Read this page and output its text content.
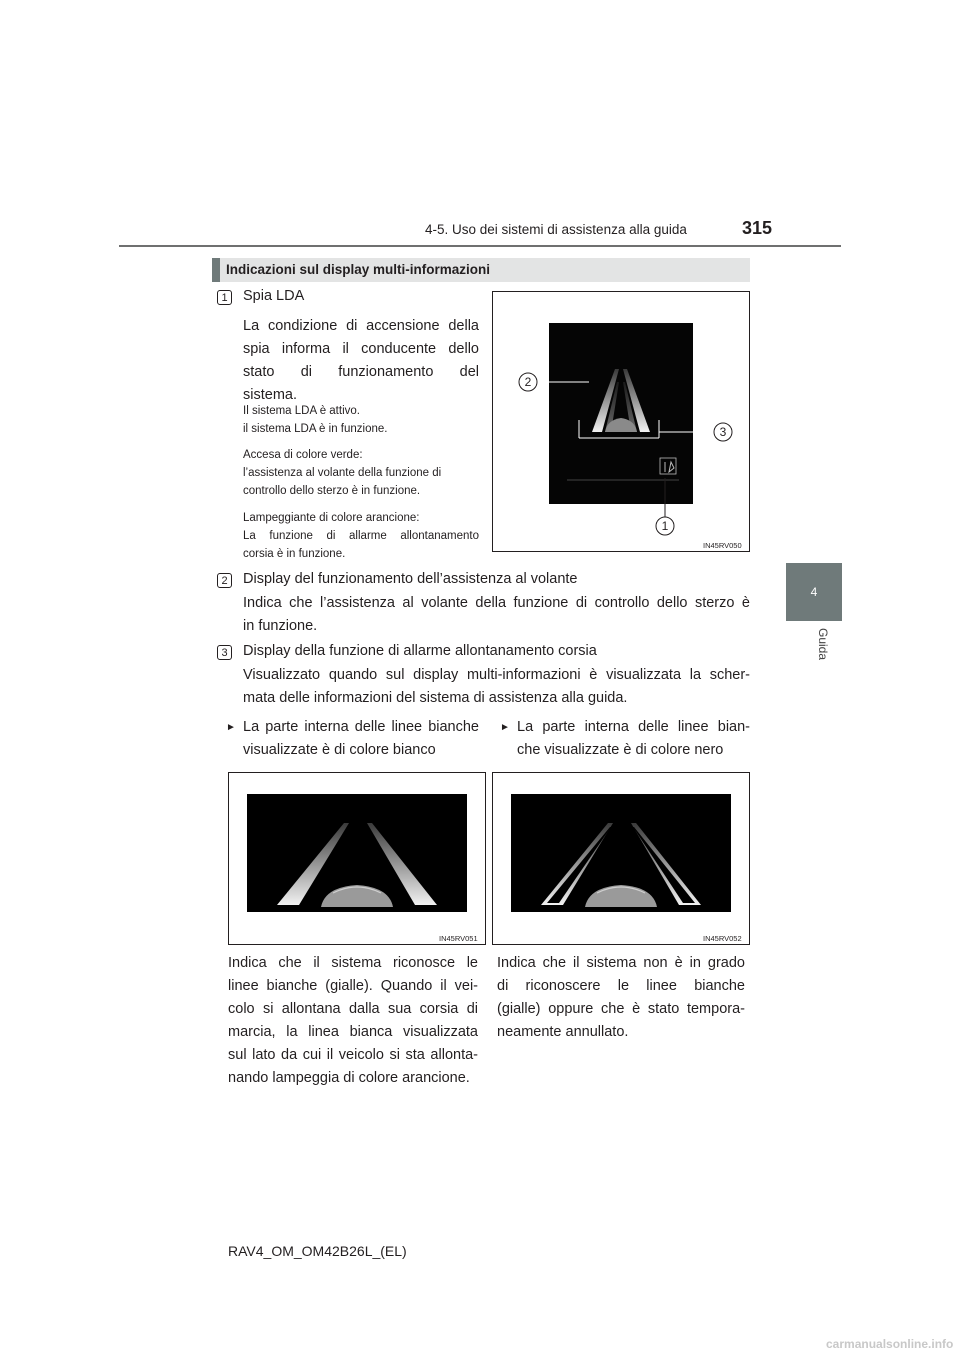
4-5. Uso dei sistemi di assistenza alla guida	315
4
Guida
Indicazioni sul display multi-informazioni
1	Spia LDA
La condizione di accensione della
spia informa il conducente dello
stato di funzionamento del
sistema.
Il sistema LDA è attivo.
il sistema LDA è in funzione.
Accesa di colore verde:
l’assistenza al volante della funzione di
controllo dello sterzo è in funzione.
Lampeggiante di colore arancione:
La funzione di allarme allontanamento
corsia è in funzione.
2
3
1
IN45RV050
2	Display del funzionamento dell’assistenza al volante
Indica che l’assistenza al volante della funzione di controllo dello sterzo è
in funzione.
3	Display della funzione di allarme allontanamento corsia
Visualizzato quando sul display multi-informazioni è visualizzata la scher-
mata delle informazioni del sistema di assistenza alla guida.
► La parte interna delle linee bianche
visualizzate è di colore bianco
IN45RV051
Indica che il sistema riconosce le
linee bianche (gialle). Quando il vei-
colo si allontana dalla sua corsia di
marcia, la linea bianca visualizzata
sul lato da cui il veicolo si sta allonta-
nando lampeggia di colore arancione.
► La parte interna delle linee bian-
che visualizzate è di colore nero
IN45RV052
Indica che il sistema non è in grado
di riconoscere le linee bianche
(gialle) oppure che è stato tempora-
neamente annullato.
RAV4_OM_OM42B26L_(EL)
carmanualsonline.info
